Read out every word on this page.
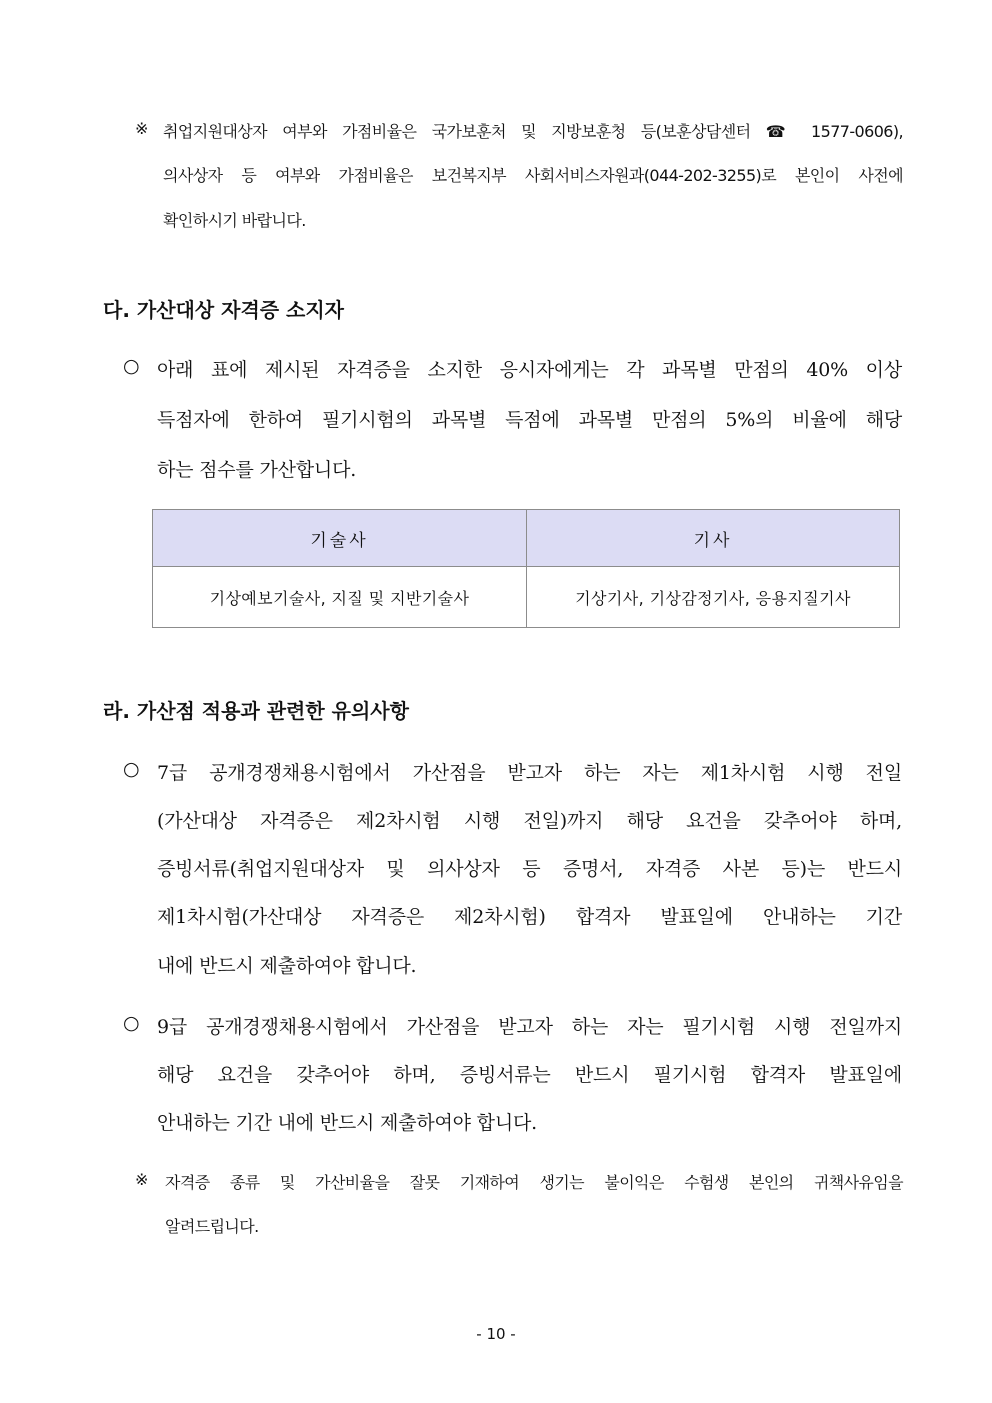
※ 취업지원대상자 여부와 가점비율은 국가보훈처 및 지방보훈청 등(보훈상담센터 ☎ 1577-0606),
의사상자 등 여부와 가점비율은 보건복지부 사회서비스자원과(044-202-3255)로 본인이 사전에
확인하시기 바랍니다.
다. 가산대상 자격증 소지자
○ 아래 표에 제시된 자격증을 소지한 응시자에게는 각 과목별 만점의 40% 이상
득점자에 한하여 필기시험의 과목별 득점에 과목별 만점의 5%의 비율에 해당
하는 점수를 가산합니다.
기술사	기사
기상예보기술사, 지질 및 지반기술사	기상기사, 기상감정기사, 응용지질기사
라. 가산점 적용과 관련한 유의사항
○ 7급 공개경쟁채용시험에서 가산점을 받고자 하는 자는 제1차시험 시행 전일
(가산대상 자격증은 제2차시험 시행 전일)까지 해당 요건을 갖추어야 하며,
증빙서류(취업지원대상자 및 의사상자 등 증명서, 자격증 사본 등)는 반드시
제1차시험(가산대상 자격증은 제2차시험) 합격자 발표일에 안내하는 기간
내에 반드시 제출하여야 합니다.
○ 9급 공개경쟁채용시험에서 가산점을 받고자 하는 자는 필기시험 시행 전일까지
해당 요건을 갖추어야 하며, 증빙서류는 반드시 필기시험 합격자 발표일에
안내하는 기간 내에 반드시 제출하여야 합니다.
※ 자격증 종류 및 가산비율을 잘못 기재하여 생기는 불이익은 수험생 본인의 귀책사유임을
알려드립니다.
- 10 -
